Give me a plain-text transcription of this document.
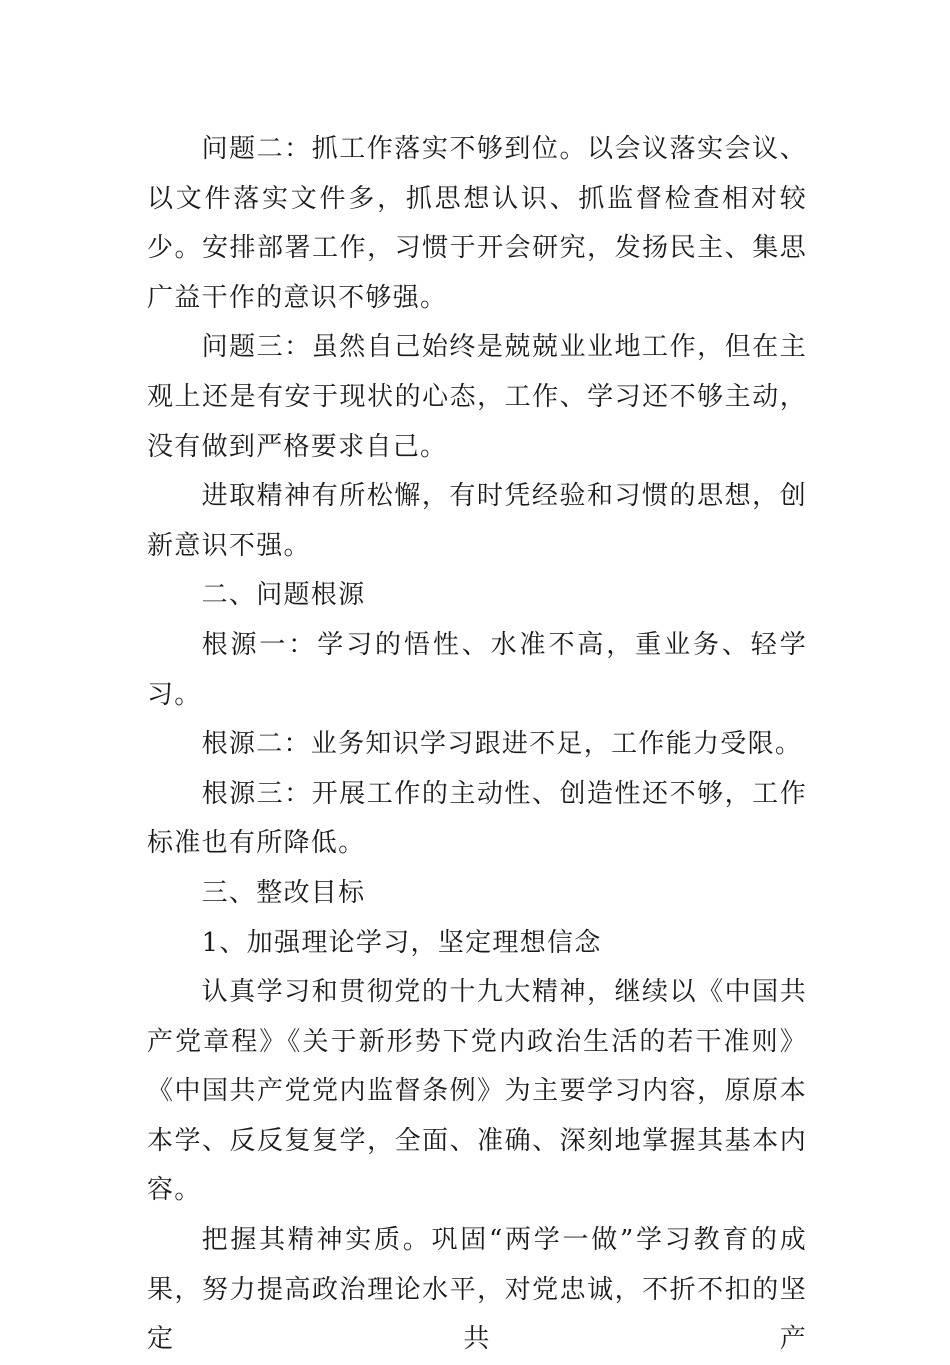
问题二：抓工作落实不够到位。以会议落实会议、以文件落实文件多，抓思想认识、抓监督检查相对较少。安排部署工作，习惯于开会研究，发扬民主、集思广益干作的意识不够强。

问题三：虽然自己始终是兢兢业业地工作，但在主观上还是有安于现状的心态，工作、学习还不够主动，没有做到严格要求自己。

进取精神有所松懈，有时凭经验和习惯的思想，创新意识不强。

二、问题根源

根源一：学习的悟性、水准不高，重业务、轻学习。

根源二：业务知识学习跟进不足，工作能力受限。

根源三：开展工作的主动性、创造性还不够，工作标准也有所降低。

三、整改目标

1、加强理论学习，坚定理想信念

认真学习和贯彻党的十九大精神，继续以《中国共产党章程》《关于新形势下党内政治生活的若干准则》《中国共产党党内监督条例》为主要学习内容，原原本本学、反反复复学，全面、准确、深刻地掌握其基本内容。

把握其精神实质。巩固“两学一做”学习教育的成果，努力提高政治理论水平，对党忠诚，不折不扣的坚定共产
